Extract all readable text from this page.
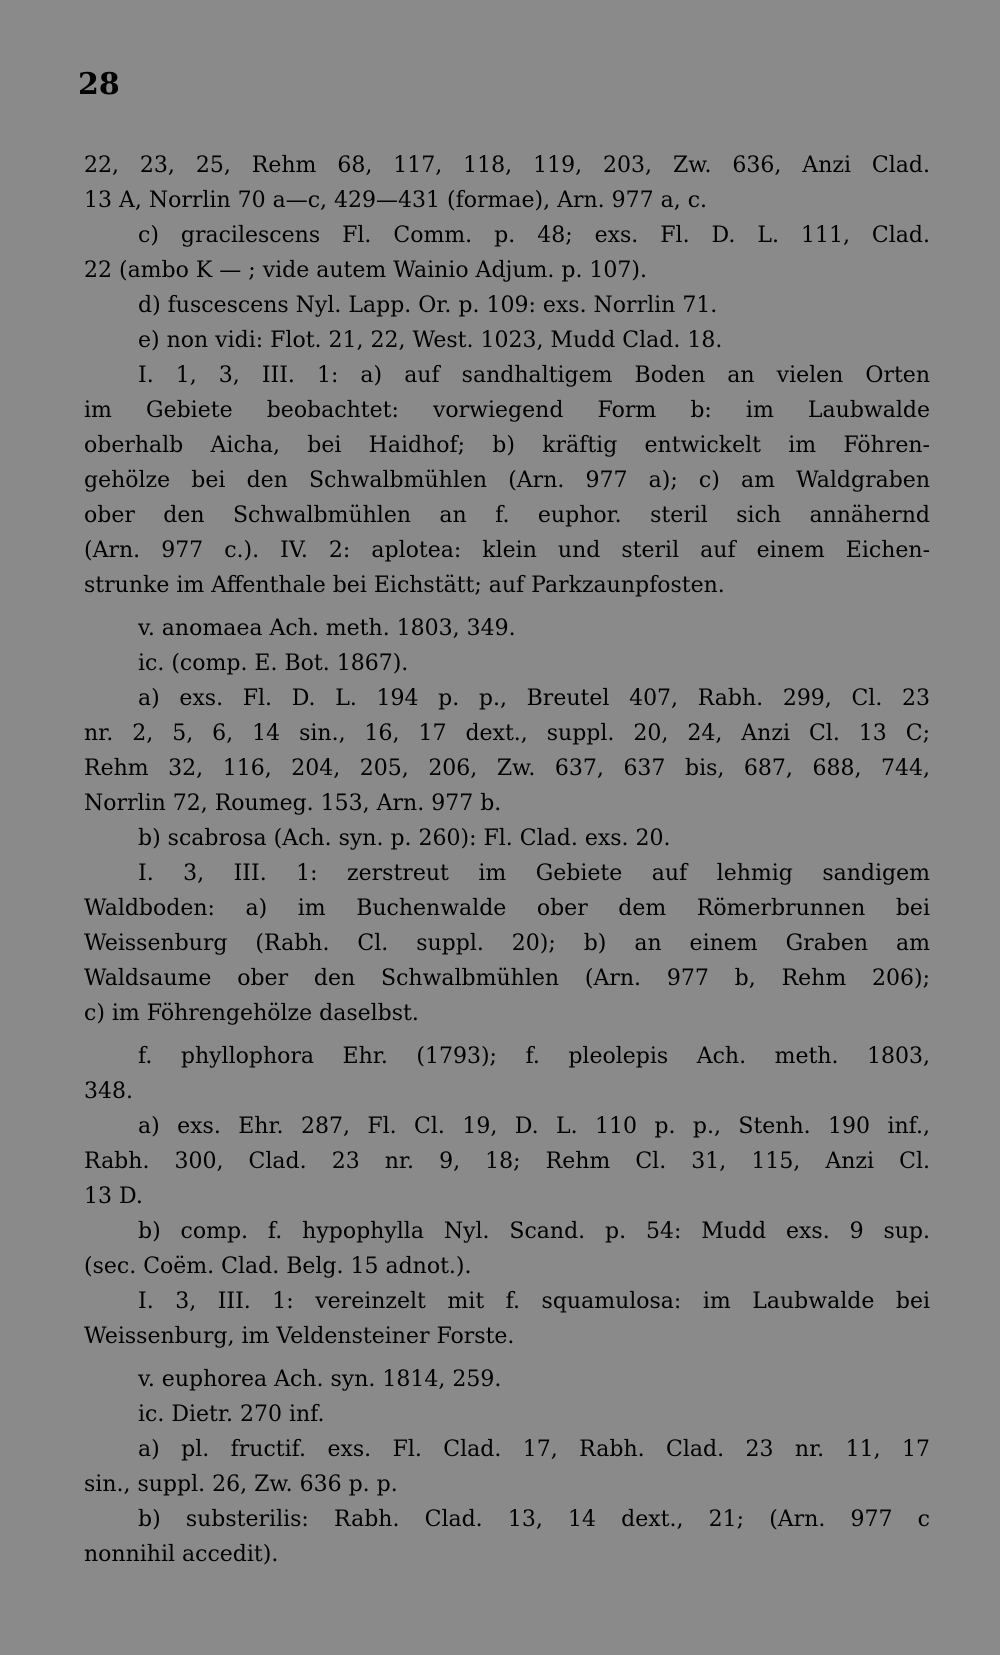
28
22, 23, 25, Rehm 68, 117, 118, 119, 203, Zw. 636, Anzi Clad.
13 A, Norrlin 70 a—c, 429—431 (formae), Arn. 977 a, c.
c) gracilescens Fl. Comm. p. 48; exs. Fl. D. L. 111, Clad.
22 (ambo K — ; vide autem Wainio Adjum. p. 107).
d) fuscescens Nyl. Lapp. Or. p. 109: exs. Norrlin 71.
e) non vidi: Flot. 21, 22, West. 1023, Mudd Clad. 18.
I. 1, 3, III. 1: a) auf sandhaltigem Boden an vielen Orten
im Gebiete beobachtet: vorwiegend Form b: im Laubwalde
oberhalb Aicha, bei Haidhof; b) kräftig entwickelt im Föhren-
gehölze bei den Schwalbmühlen (Arn. 977 a); c) am Waldgraben
ober den Schwalbmühlen an f. euphor. steril sich annähernd
(Arn. 977 c.). IV. 2: aplotea: klein und steril auf einem Eichen-
strunke im Affenthale bei Eichstätt; auf Parkzaunpfosten.
v. anomaea Ach. meth. 1803, 349.
ic. (comp. E. Bot. 1867).
a) exs. Fl. D. L. 194 p. p., Breutel 407, Rabh. 299, Cl. 23
nr. 2, 5, 6, 14 sin., 16, 17 dext., suppl. 20, 24, Anzi Cl. 13 C;
Rehm 32, 116, 204, 205, 206, Zw. 637, 637 bis, 687, 688, 744,
Norrlin 72, Roumeg. 153, Arn. 977 b.
b) scabrosa (Ach. syn. p. 260): Fl. Clad. exs. 20.
I. 3, III. 1: zerstreut im Gebiete auf lehmig sandigem
Waldboden: a) im Buchenwalde ober dem Römerbrunnen bei
Weissenburg (Rabh. Cl. suppl. 20); b) an einem Graben am
Waldsaume ober den Schwalbmühlen (Arn. 977 b, Rehm 206);
c) im Föhrengehölze daselbst.
f. phyllophora Ehr. (1793); f. pleolepis Ach. meth. 1803,
348.
a) exs. Ehr. 287, Fl. Cl. 19, D. L. 110 p. p., Stenh. 190 inf.,
Rabh. 300, Clad. 23 nr. 9, 18; Rehm Cl. 31, 115, Anzi Cl.
13 D.
b) comp. f. hypophylla Nyl. Scand. p. 54: Mudd exs. 9 sup.
(sec. Coëm. Clad. Belg. 15 adnot.).
I. 3, III. 1: vereinzelt mit f. squamulosa: im Laubwalde bei
Weissenburg, im Veldensteiner Forste.
v. euphorea Ach. syn. 1814, 259.
ic. Dietr. 270 inf.
a) pl. fructif. exs. Fl. Clad. 17, Rabh. Clad. 23 nr. 11, 17
sin., suppl. 26, Zw. 636 p. p.
b) substerilis: Rabh. Clad. 13, 14 dext., 21; (Arn. 977 c
nonnihil accedit).
